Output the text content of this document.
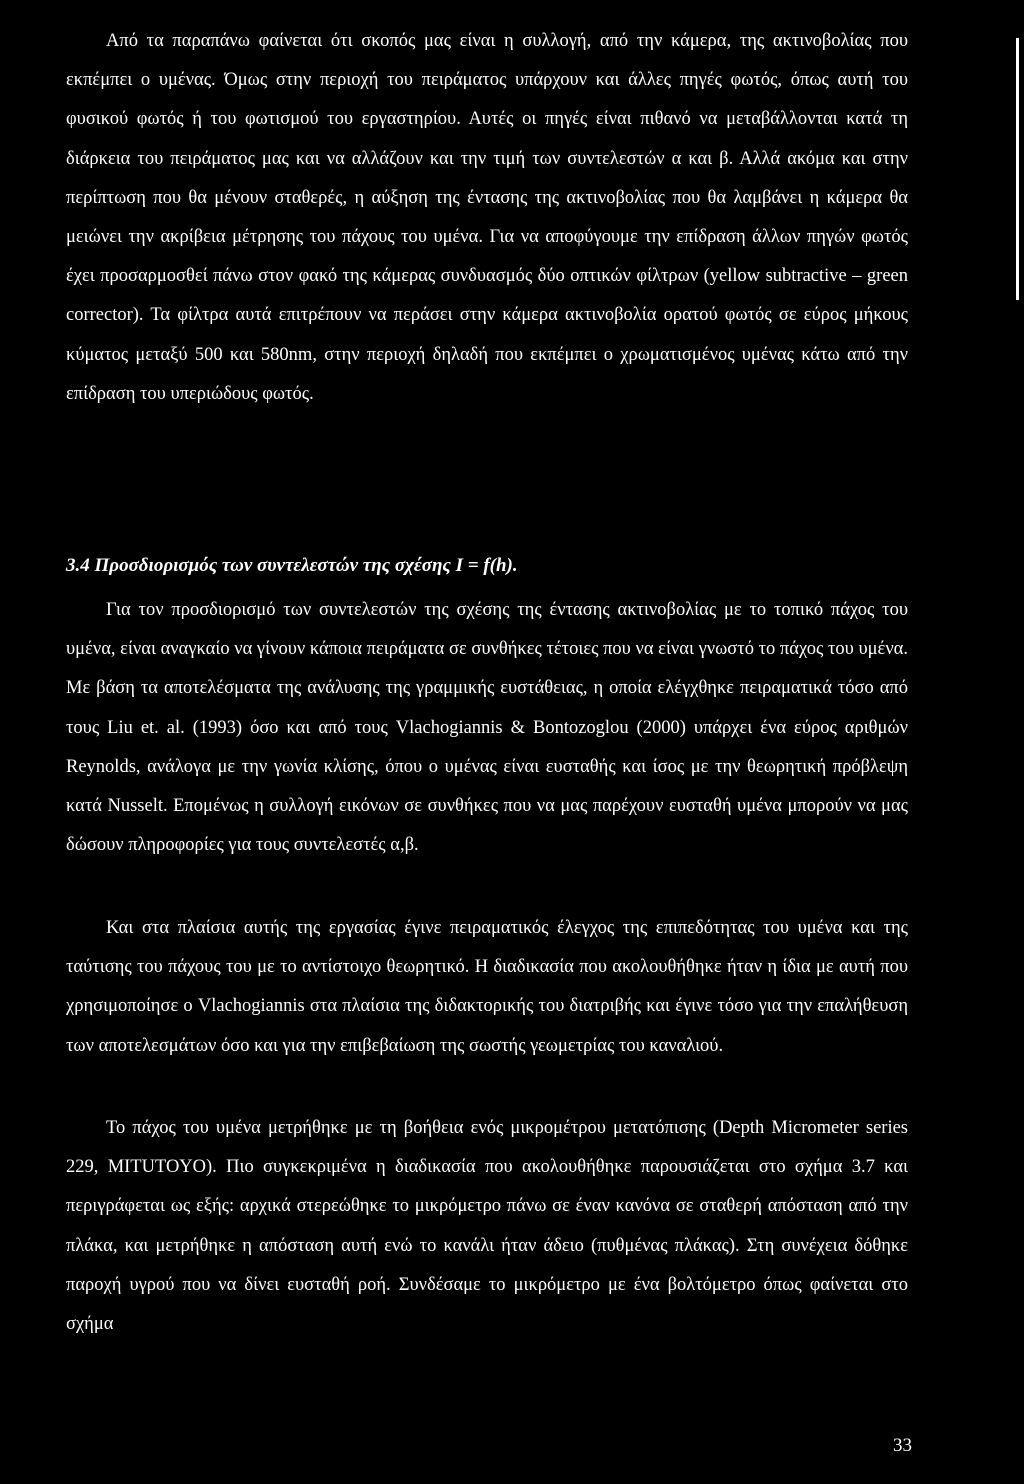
Από τα παραπάνω φαίνεται ότι σκοπός μας είναι η συλλογή, από την κάμερα, της ακτινοβολίας που εκπέμπει ο υμένας. Όμως στην περιοχή του πειράματος υπάρχουν και άλλες πηγές φωτός, όπως αυτή του φυσικού φωτός ή του φωτισμού του εργαστηρίου. Αυτές οι πηγές είναι πιθανό να μεταβάλλονται κατά τη διάρκεια του πειράματος μας και να αλλάζουν και την τιμή των συντελεστών α και β. Αλλά ακόμα και στην περίπτωση που θα μένουν σταθερές, η αύξηση της έντασης της ακτινοβολίας που θα λαμβάνει η κάμερα θα μειώνει την ακρίβεια μέτρησης του πάχους του υμένα. Για να αποφύγουμε την επίδραση άλλων πηγών φωτός έχει προσαρμοσθεί πάνω στον φακό της κάμερας συνδυασμός δύο οπτικών φίλτρων (yellow subtractive – green corrector). Τα φίλτρα αυτά επιτρέπουν να περάσει στην κάμερα ακτινοβολία ορατού φωτός σε εύρος μήκους κύματος μεταξύ 500 και 580nm, στην περιοχή δηλαδή που εκπέμπει ο χρωματισμένος υμένας κάτω από την επίδραση του υπεριώδους φωτός.

3.4 Προσδιορισμός των συντελεστών της σχέσης I = f(h).

Για τον προσδιορισμό των συντελεστών της σχέσης της έντασης ακτινοβολίας με το τοπικό πάχος του υμένα, είναι αναγκαίο να γίνουν κάποια πειράματα σε συνθήκες τέτοιες που να είναι γνωστό το πάχος του υμένα. Με βάση τα αποτελέσματα της ανάλυσης της γραμμικής ευστάθειας, η οποία ελέγχθηκε πειραματικά τόσο από τους Liu et. al. (1993) όσο και από τους Vlachogiannis & Bontozoglou (2000) υπάρχει ένα εύρος αριθμών Reynolds, ανάλογα με την γωνία κλίσης, όπου ο υμένας είναι ευσταθής και ίσος με την θεωρητική πρόβλεψη κατά Nusselt. Επομένως η συλλογή εικόνων σε συνθήκες που να μας παρέχουν ευσταθή υμένα μπορούν να μας δώσουν πληροφορίες για τους συντελεστές α,β.

Και στα πλαίσια αυτής της εργασίας έγινε πειραματικός έλεγχος της επιπεδότητας του υμένα και της ταύτισης του πάχους του με το αντίστοιχο θεωρητικό. Η διαδικασία που ακολουθήθηκε ήταν η ίδια με αυτή που χρησιμοποίησε ο Vlachogiannis στα πλαίσια της διδακτορικής του διατριβής και έγινε τόσο για την επαλήθευση των αποτελεσμάτων όσο και για την επιβεβαίωση της σωστής γεωμετρίας του καναλιού.

Το πάχος του υμένα μετρήθηκε με τη βοήθεια ενός μικρομέτρου μετατόπισης (Depth Micrometer series 229, MITUTOYO). Πιο συγκεκριμένα η διαδικασία που ακολουθήθηκε παρουσιάζεται στο σχήμα 3.7 και περιγράφεται ως εξής: αρχικά στερεώθηκε το μικρόμετρο πάνω σε έναν κανόνα σε σταθερή απόσταση από την πλάκα, και μετρήθηκε η απόσταση αυτή ενώ το κανάλι ήταν άδειο (πυθμένας πλάκας). Στη συνέχεια δόθηκε παροχή υγρού που να δίνει ευσταθή ροή. Συνδέσαμε το μικρόμετρο με ένα βολτόμετρο όπως φαίνεται στο σχήμα

33
